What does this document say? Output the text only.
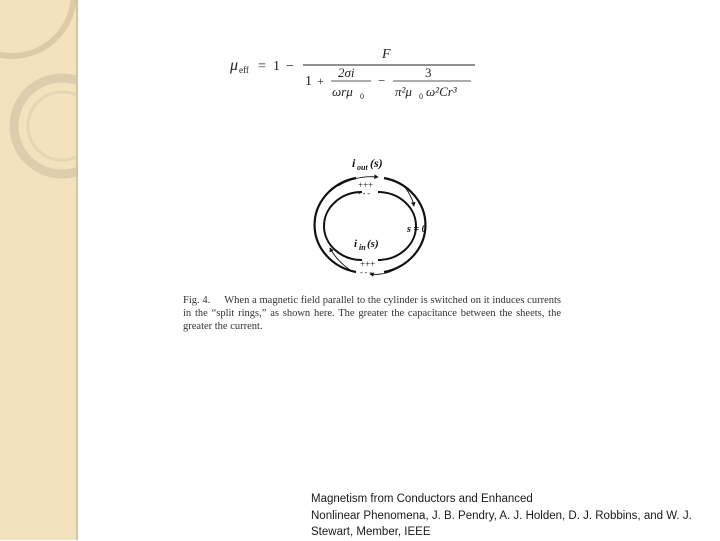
μ eff = 1 −
F
1 +
2σi
ωrμ 0
−
3
π²μ 0 ω²Cr³
i out (s)
+++
- - -
i in (s)
+++
- - -
s = 0
Fig. 4. When a magnetic field parallel to the cylinder is switched on it induces currents in the “split rings,” as shown here. The greater the capacitance between the sheets, the greater the current.
Magnetism from Conductors and Enhanced
Nonlinear Phenomena, J. B. Pendry, A. J. Holden, D. J. Robbins, and W. J.
Stewart, Member, IEEE
